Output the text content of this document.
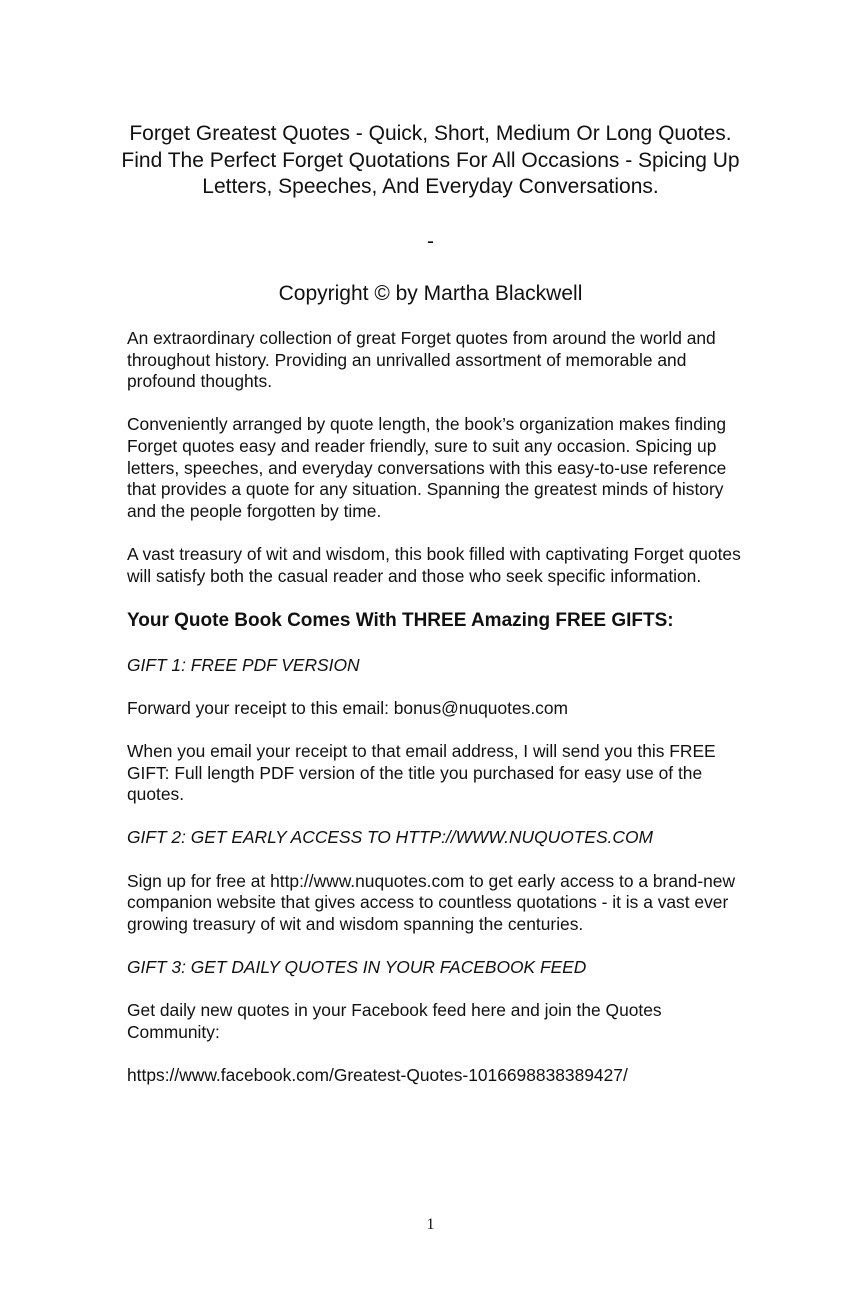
Forget Greatest Quotes - Quick, Short, Medium Or Long Quotes. Find The Perfect Forget Quotations For All Occasions - Spicing Up Letters, Speeches, And Everyday Conversations.
-
Copyright © by Martha Blackwell

An extraordinary collection of great Forget quotes from around the world and throughout history. Providing an unrivalled assortment of memorable and profound thoughts.

Conveniently arranged by quote length, the book’s organization makes finding Forget quotes easy and reader friendly, sure to suit any occasion. Spicing up letters, speeches, and everyday conversations with this easy-to-use reference that provides a quote for any situation. Spanning the greatest minds of history and the people forgotten by time.

A vast treasury of wit and wisdom, this book filled with captivating Forget quotes will satisfy both the casual reader and those who seek specific information.

Your Quote Book Comes With THREE Amazing FREE GIFTS:

GIFT 1: FREE PDF VERSION

Forward your receipt to this email: bonus@nuquotes.com

When you email your receipt to that email address, I will send you this FREE GIFT: Full length PDF version of the title you purchased for easy use of the quotes.

GIFT 2: GET EARLY ACCESS TO HTTP://WWW.NUQUOTES.COM

Sign up for free at http://www.nuquotes.com to get early access to a brand-new companion website that gives access to countless quotations - it is a vast ever growing treasury of wit and wisdom spanning the centuries.

GIFT 3: GET DAILY QUOTES IN YOUR FACEBOOK FEED

Get daily new quotes in your Facebook feed here and join the Quotes Community:

https://www.facebook.com/Greatest-Quotes-1016698838389427/

1
